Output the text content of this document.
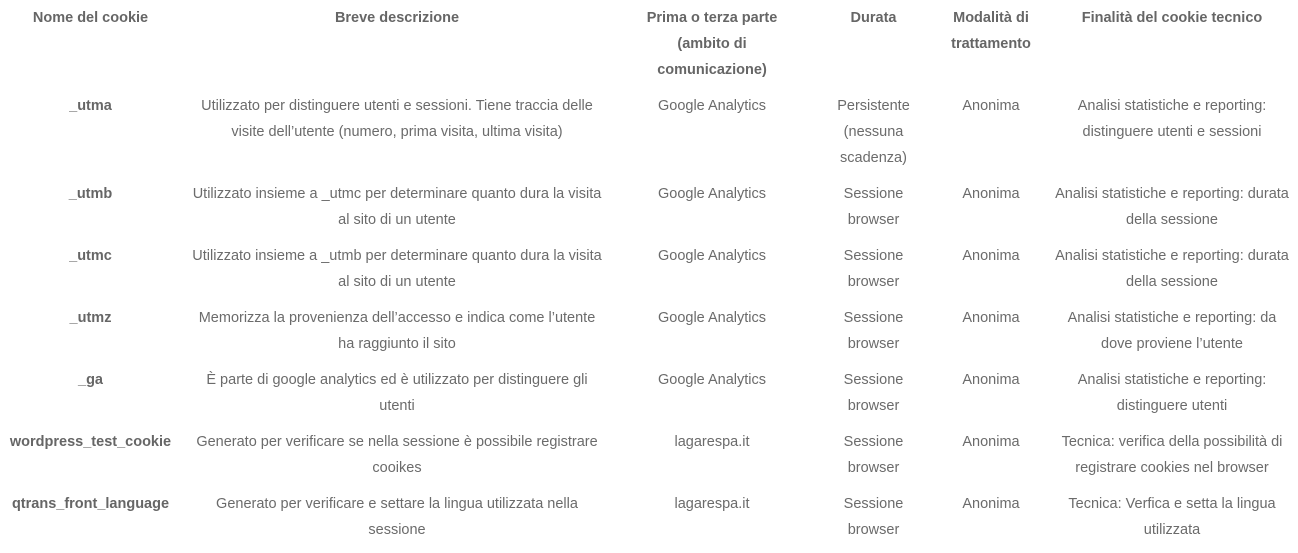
Nome del cookie	Breve descrizione	Prima o terza parte (ambito di comunicazione)	Durata	Modalità di trattamento	Finalità del cookie tecnico
_utma	Utilizzato per distinguere utenti e sessioni. Tiene traccia delle visite dell’utente (numero, prima visita, ultima visita)	Google Analytics	Persistente (nessuna scadenza)	Anonima	Analisi statistiche e reporting: distinguere utenti e sessioni
_utmb	Utilizzato insieme a _utmc per determinare quanto dura la visita al sito di un utente	Google Analytics	Sessione browser	Anonima	Analisi statistiche e reporting: durata della sessione
_utmc	Utilizzato insieme a _utmb per determinare quanto dura la visita al sito di un utente	Google Analytics	Sessione browser	Anonima	Analisi statistiche e reporting: durata della sessione
_utmz	Memorizza la provenienza dell’accesso e indica come l’utente ha raggiunto il sito	Google Analytics	Sessione browser	Anonima	Analisi statistiche e reporting: da dove proviene l’utente
_ga	È parte di google analytics ed è utilizzato per distinguere gli utenti	Google Analytics	Sessione browser	Anonima	Analisi statistiche e reporting: distinguere utenti
wordpress_test_cookie	Generato per verificare se nella sessione è possibile registrare cooikes	lagarespa.it	Sessione browser	Anonima	Tecnica: verifica della possibilità di registrare cookies nel browser
qtrans_front_language	Generato per verificare e settare la lingua utilizzata nella sessione	lagarespa.it	Sessione browser	Anonima	Tecnica: Verfica e setta la lingua utilizzata
